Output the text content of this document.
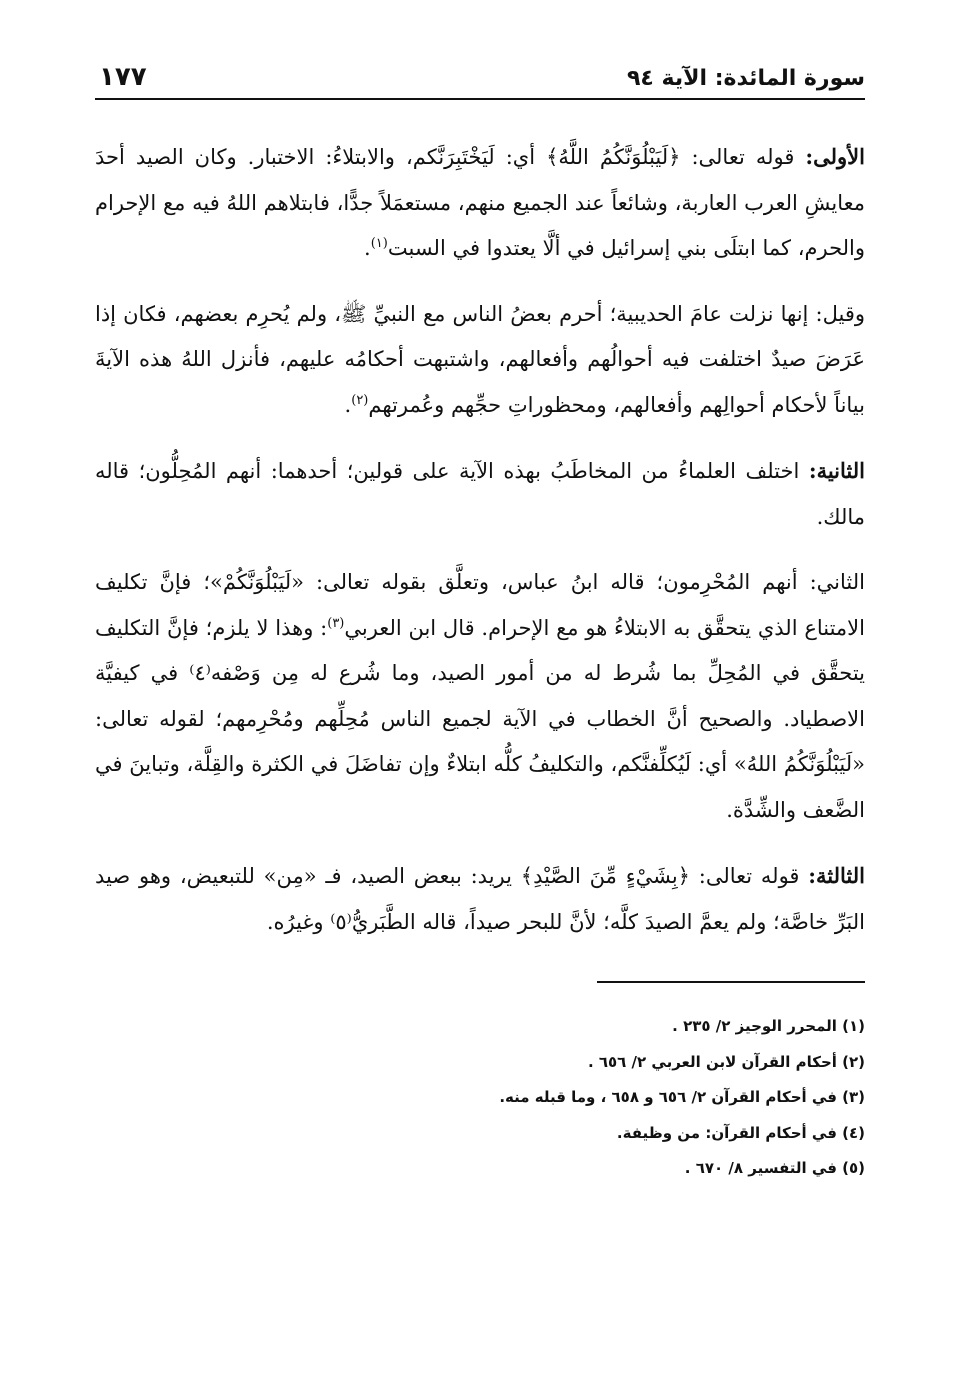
سورة المائدة: الآية ٩٤
١٧٧

الأولى: قوله تعالى: ﴿لَيَبْلُوَنَّكُمُ اللَّهُ﴾ أي: لَيَخْتَبِرَنَّكم، والابتلاءُ: الاختبار. وكان الصيد أحدَ معايشِ العرب العاربة، وشائعاً عند الجميع منهم، مستعمَلاً جدًّا، فابتلاهم اللهُ فيه مع الإحرام والحرم، كما ابتلَى بني إسرائيل في ألَّا يعتدوا في السبت$^{(١)}$.

وقيل: إنها نزلت عامَ الحديبية؛ أحرم بعضُ الناس مع النبيِّ ﷺ، ولم يُحرِم بعضهم، فكان إذا عَرَضَ صيدٌ اختلفت فيه أحوالُهم وأفعالهم، واشتبهت أحكامُه عليهم، فأنزل اللهُ هذه الآيةَ بياناً لأحكام أحوالِهم وأفعالهم، ومحظوراتِ حجِّهم وعُمرتهم$^{(٢)}$.

الثانية: اختلف العلماءُ من المخاطَبُ بهذه الآية على قولين؛ أحدهما: أنهم المُحِلُّون؛ قاله مالك.

الثاني: أنهم المُحْرِمون؛ قاله ابنُ عباس، وتعلَّق بقوله تعالى: «لَيَبْلُوَنَّكُمْ»؛ فإنَّ تكليف الامتناع الذي يتحقَّق به الابتلاءُ هو مع الإحرام. قال ابن العربي$^{(٣)}$: وهذا لا يلزم؛ فإنَّ التكليف يتحقَّق في المُحِلِّ بما شُرط له من أمور الصيد، وما شُرع له مِن وَصْفه⁽٤⁾ في كيفيَّة الاصطياد. والصحيح أنَّ الخطاب في الآية لجميع الناس مُحِلِّهم ومُحْرِمهم؛ لقوله تعالى: «لَيَبْلُوَنَّكُمُ اللهُ» أي: لَيُكلِّفنَّكم، والتكليفُ كلُّه ابتلاءٌ وإن تفاضَلَ في الكثرة والقِلَّة، وتباينَ في الضَّعف والشِّدَّة.

الثالثة: قوله تعالى: ﴿بِشَيْءٍ مِّنَ الصَّيْدِ﴾ يريد: ببعض الصيد، فـ «مِن» للتبعيض، وهو صيد البَرِّ خاصَّة؛ ولم يعمَّ الصيدَ كلَّه؛ لأنَّ للبحر صيداً، قاله الطَّبَريُّ⁽٥⁾ وغيرُه.

(١) المحرر الوجيز ٢/ ٢٣٥ .
(٢) أحكام القرآن لابن العربي ٢/ ٦٥٦ .
(٣) في أحكام القرآن ٢/ ٦٥٦ و ٦٥٨ ، وما قبله منه.
(٤) في أحكام القرآن: من وظيفة.
(٥) في التفسير ٨/ ٦٧٠ .
